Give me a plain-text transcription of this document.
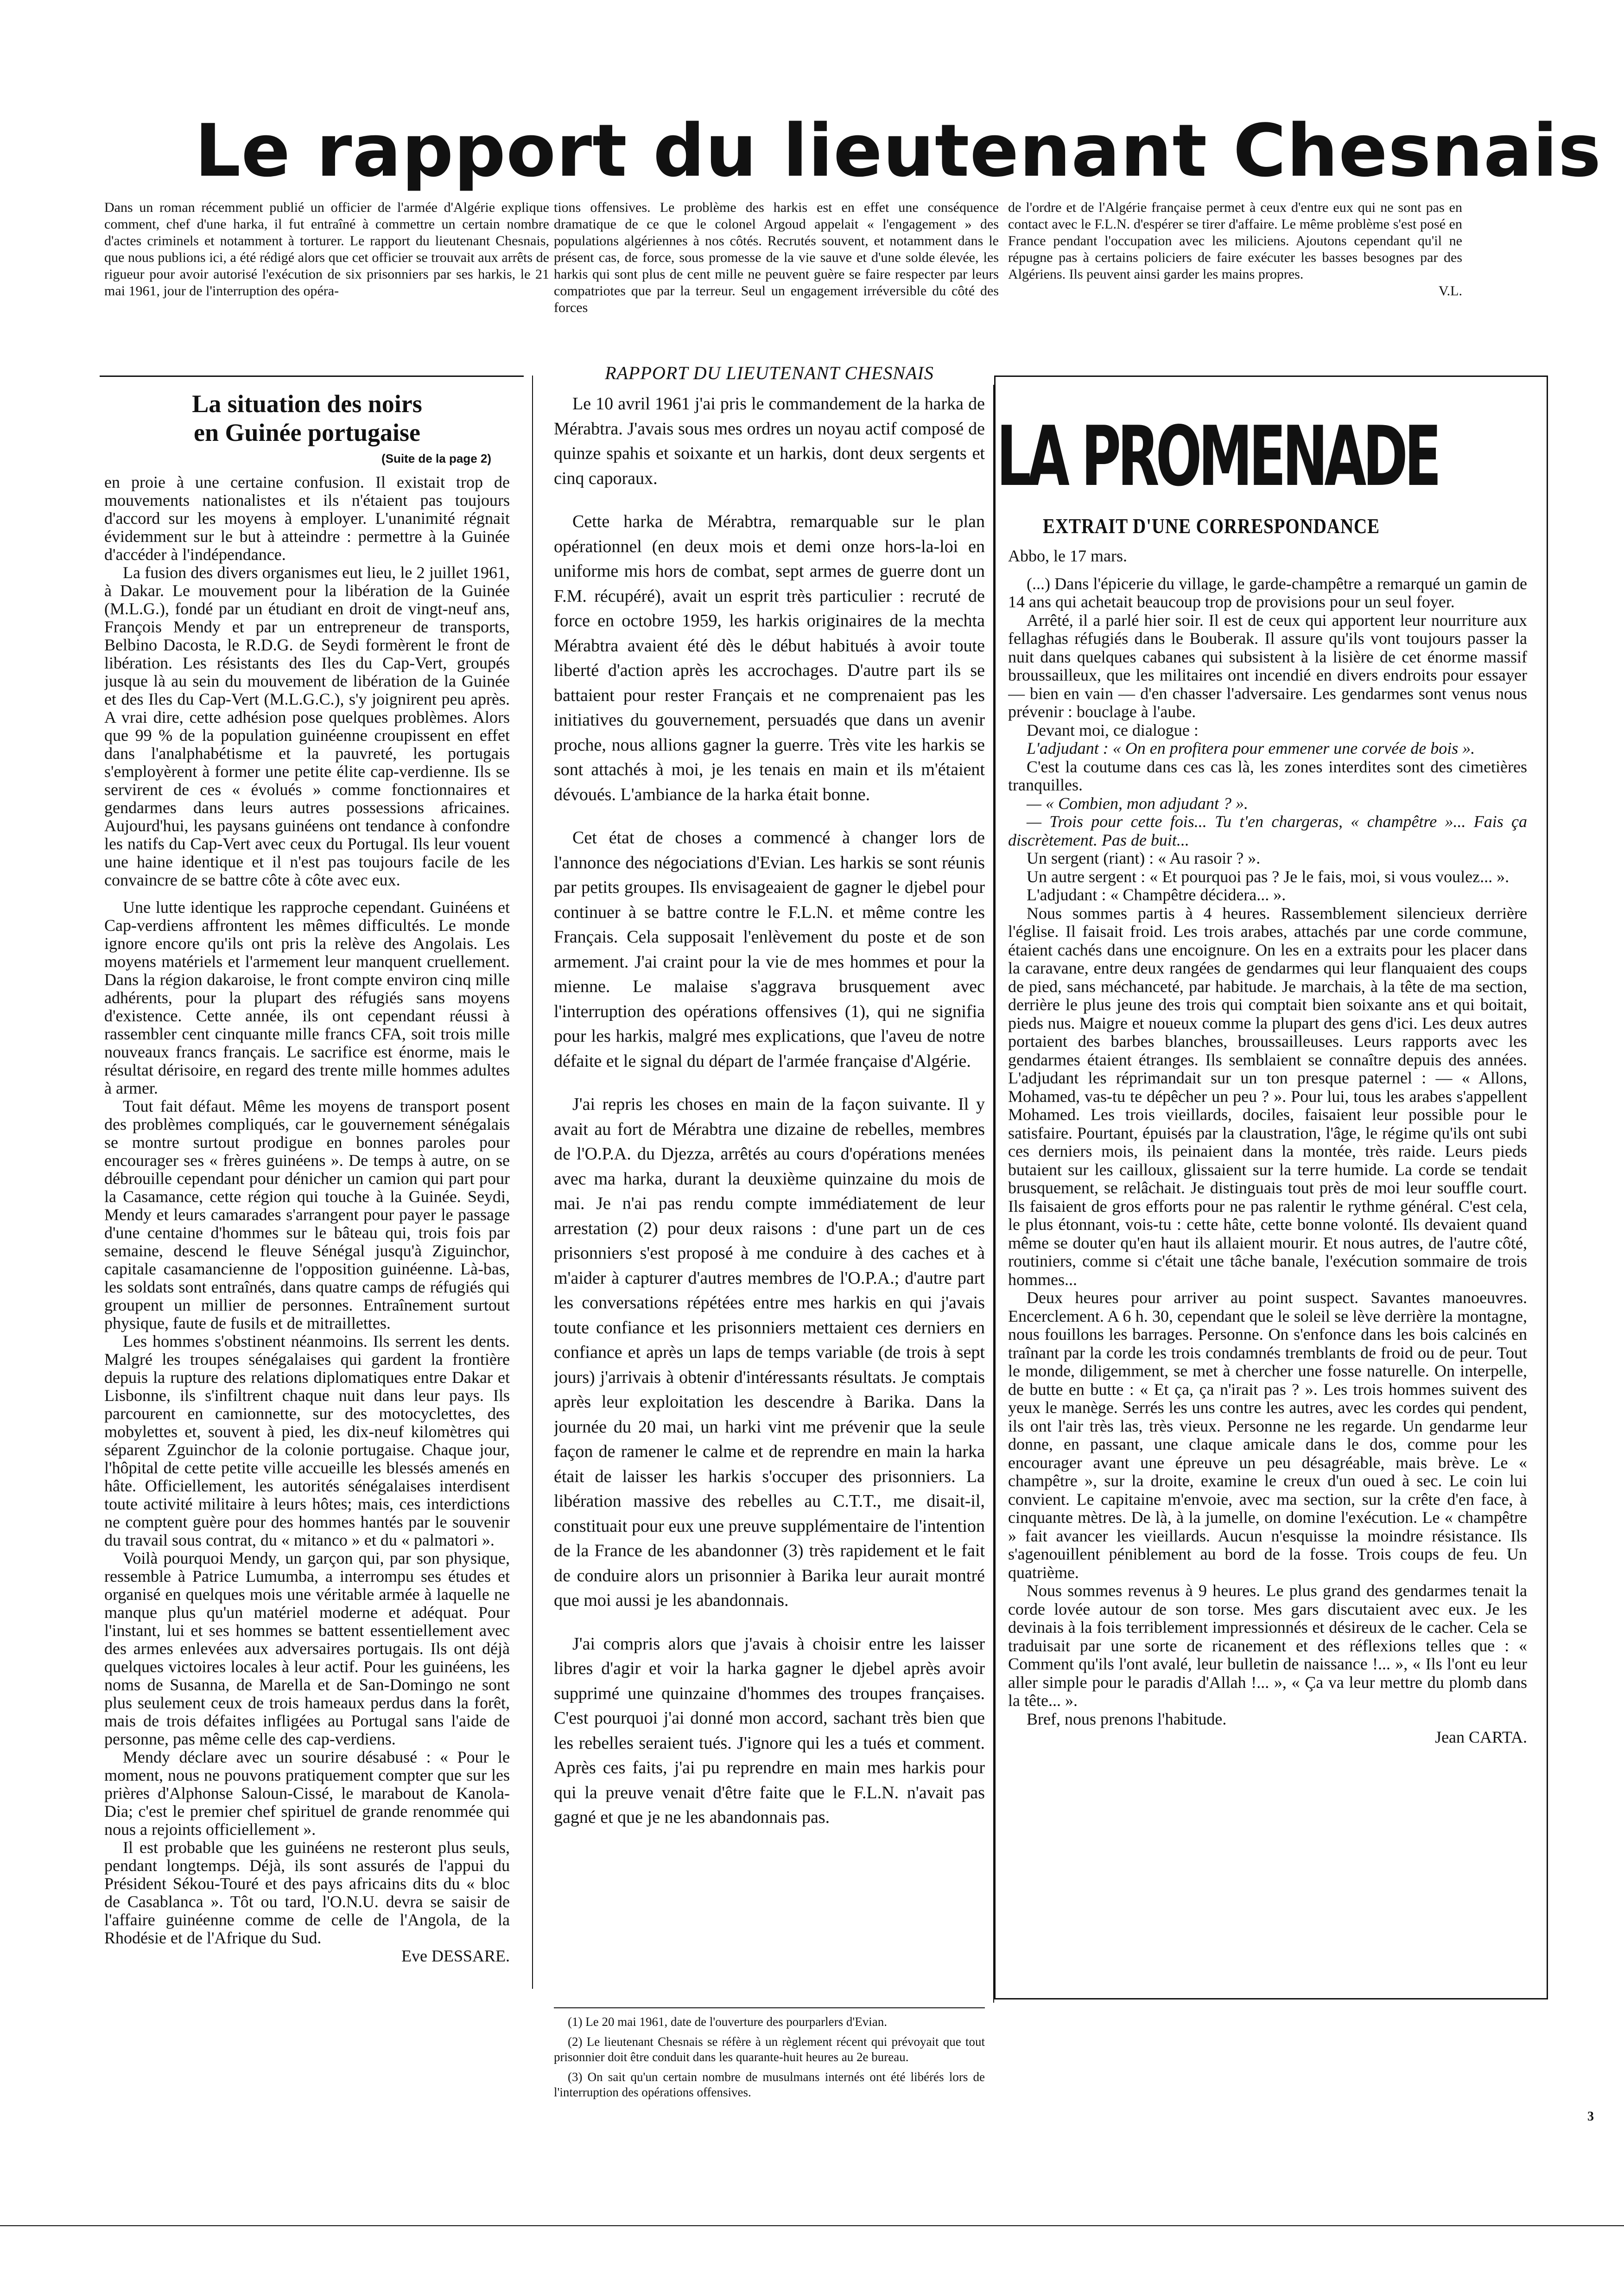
Le rapport du lieutenant Chesnais

Dans un roman récemment publié un officier de l'armée d'Algérie explique comment, chef d'une harka, il fut entraîné à commettre un certain nombre d'actes criminels et notamment à torturer. Le rapport du lieutenant Chesnais, que nous publions ici, a été rédigé alors que cet officier se trouvait aux arrêts de rigueur pour avoir autorisé l'exécution de six prisonniers par ses harkis, le 21 mai 1961, jour de l'interruption des opéra-

tions offensives. Le problème des harkis est en effet une conséquence dramatique de ce que le colonel Argoud appelait « l'engagement » des populations algériennes à nos côtés. Recrutés souvent, et notamment dans le présent cas, de force, sous promesse de la vie sauve et d'une solde élevée, les harkis qui sont plus de cent mille ne peuvent guère se faire respecter par leurs compatriotes que par la terreur. Seul un engagement irréversible du côté des forces

de l'ordre et de l'Algérie française permet à ceux d'entre eux qui ne sont pas en contact avec le F.L.N. d'espérer se tirer d'affaire. Le même problème s'est posé en France pendant l'occupation avec les miliciens. Ajoutons cependant qu'il ne répugne pas à certains policiers de faire exécuter les basses besognes par des Algériens. Ils peuvent ainsi garder les mains propres.

V.L.

La situation des noirs
en Guinée portugaise
(Suite de la page 2)

en proie à une certaine confusion. Il existait trop de mouvements nationalistes et ils n'étaient pas toujours d'accord sur les moyens à employer. L'unanimité régnait évidemment sur le but à atteindre : permettre à la Guinée d'accéder à l'indépendance.

La fusion des divers organismes eut lieu, le 2 juillet 1961, à Dakar. Le mouvement pour la libération de la Guinée (M.L.G.), fondé par un étudiant en droit de vingt-neuf ans, François Mendy et par un entrepreneur de transports, Belbino Dacosta, le R.D.G. de Seydi formèrent le front de libération. Les résistants des Iles du Cap-Vert, groupés jusque là au sein du mouvement de libération de la Guinée et des Iles du Cap-Vert (M.L.G.C.), s'y joignirent peu après. A vrai dire, cette adhésion pose quelques problèmes. Alors que 99 % de la population guinéenne croupissent en effet dans l'analphabétisme et la pauvreté, les portugais s'employèrent à former une petite élite cap-verdienne. Ils se servirent de ces « évolués » comme fonctionnaires et gendarmes dans leurs autres possessions africaines. Aujourd'hui, les paysans guinéens ont tendance à confondre les natifs du Cap-Vert avec ceux du Portugal. Ils leur vouent une haine identique et il n'est pas toujours facile de les convaincre de se battre côte à côte avec eux.

Une lutte identique les rapproche cependant. Guinéens et Cap-verdiens affrontent les mêmes difficultés. Le monde ignore encore qu'ils ont pris la relève des Angolais. Les moyens matériels et l'armement leur manquent cruellement. Dans la région dakaroise, le front compte environ cinq mille adhérents, pour la plupart des réfugiés sans moyens d'existence. Cette année, ils ont cependant réussi à rassembler cent cinquante mille francs CFA, soit trois mille nouveaux francs français. Le sacrifice est énorme, mais le résultat dérisoire, en regard des trente mille hommes adultes à armer.

Tout fait défaut. Même les moyens de transport posent des problèmes compliqués, car le gouvernement sénégalais se montre surtout prodigue en bonnes paroles pour encourager ses « frères guinéens ». De temps à autre, on se débrouille cependant pour dénicher un camion qui part pour la Casamance, cette région qui touche à la Guinée. Seydi, Mendy et leurs camarades s'arrangent pour payer le passage d'une centaine d'hommes sur le bâteau qui, trois fois par semaine, descend le fleuve Sénégal jusqu'à Ziguinchor, capitale casamancienne de l'opposition guinéenne. Là-bas, les soldats sont entraînés, dans quatre camps de réfugiés qui groupent un millier de personnes. Entraînement surtout physique, faute de fusils et de mitraillettes.

Les hommes s'obstinent néanmoins. Ils serrent les dents. Malgré les troupes sénégalaises qui gardent la frontière depuis la rupture des relations diplomatiques entre Dakar et Lisbonne, ils s'infiltrent chaque nuit dans leur pays. Ils parcourent en camionnette, sur des motocyclettes, des mobylettes et, souvent à pied, les dix-neuf kilomètres qui séparent Zguinchor de la colonie portugaise. Chaque jour, l'hôpital de cette petite ville accueille les blessés amenés en hâte. Officiellement, les autorités sénégalaises interdisent toute activité militaire à leurs hôtes; mais, ces interdictions ne comptent guère pour des hommes hantés par le souvenir du travail sous contrat, du « mitanco » et du « palmatori ».

Voilà pourquoi Mendy, un garçon qui, par son physique, ressemble à Patrice Lumumba, a interrompu ses études et organisé en quelques mois une véritable armée à laquelle ne manque plus qu'un matériel moderne et adéquat. Pour l'instant, lui et ses hommes se battent essentiellement avec des armes enlevées aux adversaires portugais. Ils ont déjà quelques victoires locales à leur actif. Pour les guinéens, les noms de Susanna, de Marella et de San-Domingo ne sont plus seulement ceux de trois hameaux perdus dans la forêt, mais de trois défaites infligées au Portugal sans l'aide de personne, pas même celle des cap-verdiens.

Mendy déclare avec un sourire désabusé : « Pour le moment, nous ne pouvons pratiquement compter que sur les prières d'Alphonse Saloun-Cissé, le marabout de Kanola-Dia; c'est le premier chef spirituel de grande renommée qui nous a rejoints officiellement ».

Il est probable que les guinéens ne resteront plus seuls, pendant longtemps. Déjà, ils sont assurés de l'appui du Président Sékou-Touré et des pays africains dits du « bloc de Casablanca ». Tôt ou tard, l'O.N.U. devra se saisir de l'affaire guinéenne comme de celle de l'Angola, de la Rhodésie et de l'Afrique du Sud.

Eve DESSARE.

RAPPORT DU LIEUTENANT CHESNAIS

Le 10 avril 1961 j'ai pris le commandement de la harka de Mérabtra. J'avais sous mes ordres un noyau actif composé de quinze spahis et soixante et un harkis, dont deux sergents et cinq caporaux.

Cette harka de Mérabtra, remarquable sur le plan opérationnel (en deux mois et demi onze hors-la-loi en uniforme mis hors de combat, sept armes de guerre dont un F.M. récupéré), avait un esprit très particulier : recruté de force en octobre 1959, les harkis originaires de la mechta Mérabtra avaient été dès le début habitués à avoir toute liberté d'action après les accrochages. D'autre part ils se battaient pour rester Français et ne comprenaient pas les initiatives du gouvernement, persuadés que dans un avenir proche, nous allions gagner la guerre. Très vite les harkis se sont attachés à moi, je les tenais en main et ils m'étaient dévoués. L'ambiance de la harka était bonne.

Cet état de choses a commencé à changer lors de l'annonce des négociations d'Evian. Les harkis se sont réunis par petits groupes. Ils envisageaient de gagner le djebel pour continuer à se battre contre le F.L.N. et même contre les Français. Cela supposait l'enlèvement du poste et de son armement. J'ai craint pour la vie de mes hommes et pour la mienne. Le malaise s'aggrava brusquement avec l'interruption des opérations offensives (1), qui ne signifia pour les harkis, malgré mes explications, que l'aveu de notre défaite et le signal du départ de l'armée française d'Algérie.

J'ai repris les choses en main de la façon suivante. Il y avait au fort de Mérabtra une dizaine de rebelles, membres de l'O.P.A. du Djezza, arrêtés au cours d'opérations menées avec ma harka, durant la deuxième quinzaine du mois de mai. Je n'ai pas rendu compte immédiatement de leur arrestation (2) pour deux raisons : d'une part un de ces prisonniers s'est proposé à me conduire à des caches et à m'aider à capturer d'autres membres de l'O.P.A.; d'autre part les conversations répétées entre mes harkis en qui j'avais toute confiance et les prisonniers mettaient ces derniers en confiance et après un laps de temps variable (de trois à sept jours) j'arrivais à obtenir d'intéressants résultats. Je comptais après leur exploitation les descendre à Barika. Dans la journée du 20 mai, un harki vint me prévenir que la seule façon de ramener le calme et de reprendre en main la harka était de laisser les harkis s'occuper des prisonniers. La libération massive des rebelles au C.T.T., me disait-il, constituait pour eux une preuve supplémentaire de l'intention de la France de les abandonner (3) très rapidement et le fait de conduire alors un prisonnier à Barika leur aurait montré que moi aussi je les abandonnais.

J'ai compris alors que j'avais à choisir entre les laisser libres d'agir et voir la harka gagner le djebel après avoir supprimé une quinzaine d'hommes des troupes françaises. C'est pourquoi j'ai donné mon accord, sachant très bien que les rebelles seraient tués. J'ignore qui les a tués et comment. Après ces faits, j'ai pu reprendre en main mes harkis pour qui la preuve venait d'être faite que le F.L.N. n'avait pas gagné et que je ne les abandonnais pas.

(1) Le 20 mai 1961, date de l'ouverture des pourparlers d'Evian.

(2) Le lieutenant Chesnais se réfère à un règlement récent qui prévoyait que tout prisonnier doit être conduit dans les quarante-huit heures au 2e bureau.

(3) On sait qu'un certain nombre de musulmans internés ont été libérés lors de l'interruption des opérations offensives.

LA PROMENADE
EXTRAIT D'UNE CORRESPONDANCE

Abbo, le 17 mars.

(...) Dans l'épicerie du village, le garde-champêtre a remarqué un gamin de 14 ans qui achetait beaucoup trop de provisions pour un seul foyer.

Arrêté, il a parlé hier soir. Il est de ceux qui apportent leur nourriture aux fellaghas réfugiés dans le Bouberak. Il assure qu'ils vont toujours passer la nuit dans quelques cabanes qui subsistent à la lisière de cet énorme massif broussailleux, que les militaires ont incendié en divers endroits pour essayer — bien en vain — d'en chasser l'adversaire. Les gendarmes sont venus nous prévenir : bouclage à l'aube.

Devant moi, ce dialogue :

L'adjudant : « On en profitera pour emmener une corvée de bois ».

C'est la coutume dans ces cas là, les zones interdites sont des cimetières tranquilles.

— « Combien, mon adjudant ? ».

— Trois pour cette fois... Tu t'en chargeras, « champêtre »... Fais ça discrètement. Pas de buit...

Un sergent (riant) : « Au rasoir ? ».

Un autre sergent : « Et pourquoi pas ? Je le fais, moi, si vous voulez... ».

L'adjudant : « Champêtre décidera... ».

Nous sommes partis à 4 heures. Rassemblement silencieux derrière l'église. Il faisait froid. Les trois arabes, attachés par une corde commune, étaient cachés dans une encoignure. On les en a extraits pour les placer dans la caravane, entre deux rangées de gendarmes qui leur flanquaient des coups de pied, sans méchanceté, par habitude. Je marchais, à la tête de ma section, derrière le plus jeune des trois qui comptait bien soixante ans et qui boitait, pieds nus. Maigre et noueux comme la plupart des gens d'ici. Les deux autres portaient des barbes blanches, broussailleuses. Leurs rapports avec les gendarmes étaient étranges. Ils semblaient se connaître depuis des années. L'adjudant les réprimandait sur un ton presque paternel : — « Allons, Mohamed, vas-tu te dépêcher un peu ? ». Pour lui, tous les arabes s'appellent Mohamed. Les trois vieillards, dociles, faisaient leur possible pour le satisfaire. Pourtant, épuisés par la claustration, l'âge, le régime qu'ils ont subi ces derniers mois, ils peinaient dans la montée, très raide. Leurs pieds butaient sur les cailloux, glissaient sur la terre humide. La corde se tendait brusquement, se relâchait. Je distinguais tout près de moi leur souffle court. Ils faisaient de gros efforts pour ne pas ralentir le rythme général. C'est cela, le plus étonnant, vois-tu : cette hâte, cette bonne volonté. Ils devaient quand même se douter qu'en haut ils allaient mourir. Et nous autres, de l'autre côté, routiniers, comme si c'était une tâche banale, l'exécution sommaire de trois hommes...

Deux heures pour arriver au point suspect. Savantes manoeuvres. Encerclement. A 6 h. 30, cependant que le soleil se lève derrière la montagne, nous fouillons les barrages. Personne. On s'enfonce dans les bois calcinés en traînant par la corde les trois condamnés tremblants de froid ou de peur. Tout le monde, diligemment, se met à chercher une fosse naturelle. On interpelle, de butte en butte : « Et ça, ça n'irait pas ? ». Les trois hommes suivent des yeux le manège. Serrés les uns contre les autres, avec les cordes qui pendent, ils ont l'air très las, très vieux. Personne ne les regarde. Un gendarme leur donne, en passant, une claque amicale dans le dos, comme pour les encourager avant une épreuve un peu désagréable, mais brève. Le « champêtre », sur la droite, examine le creux d'un oued à sec. Le coin lui convient. Le capitaine m'envoie, avec ma section, sur la crête d'en face, à cinquante mètres. De là, à la jumelle, on domine l'exécution. Le « champêtre » fait avancer les vieillards. Aucun n'esquisse la moindre résistance. Ils s'agenouillent péniblement au bord de la fosse. Trois coups de feu. Un quatrième.

Nous sommes revenus à 9 heures. Le plus grand des gendarmes tenait la corde lovée autour de son torse. Mes gars discutaient avec eux. Je les devinais à la fois terriblement impressionnés et désireux de le cacher. Cela se traduisait par une sorte de ricanement et des réflexions telles que : « Comment qu'ils l'ont avalé, leur bulletin de naissance !... », « Ils l'ont eu leur aller simple pour le paradis d'Allah !... », « Ça va leur mettre du plomb dans la tête... ».

Bref, nous prenons l'habitude.

Jean CARTA.

3
